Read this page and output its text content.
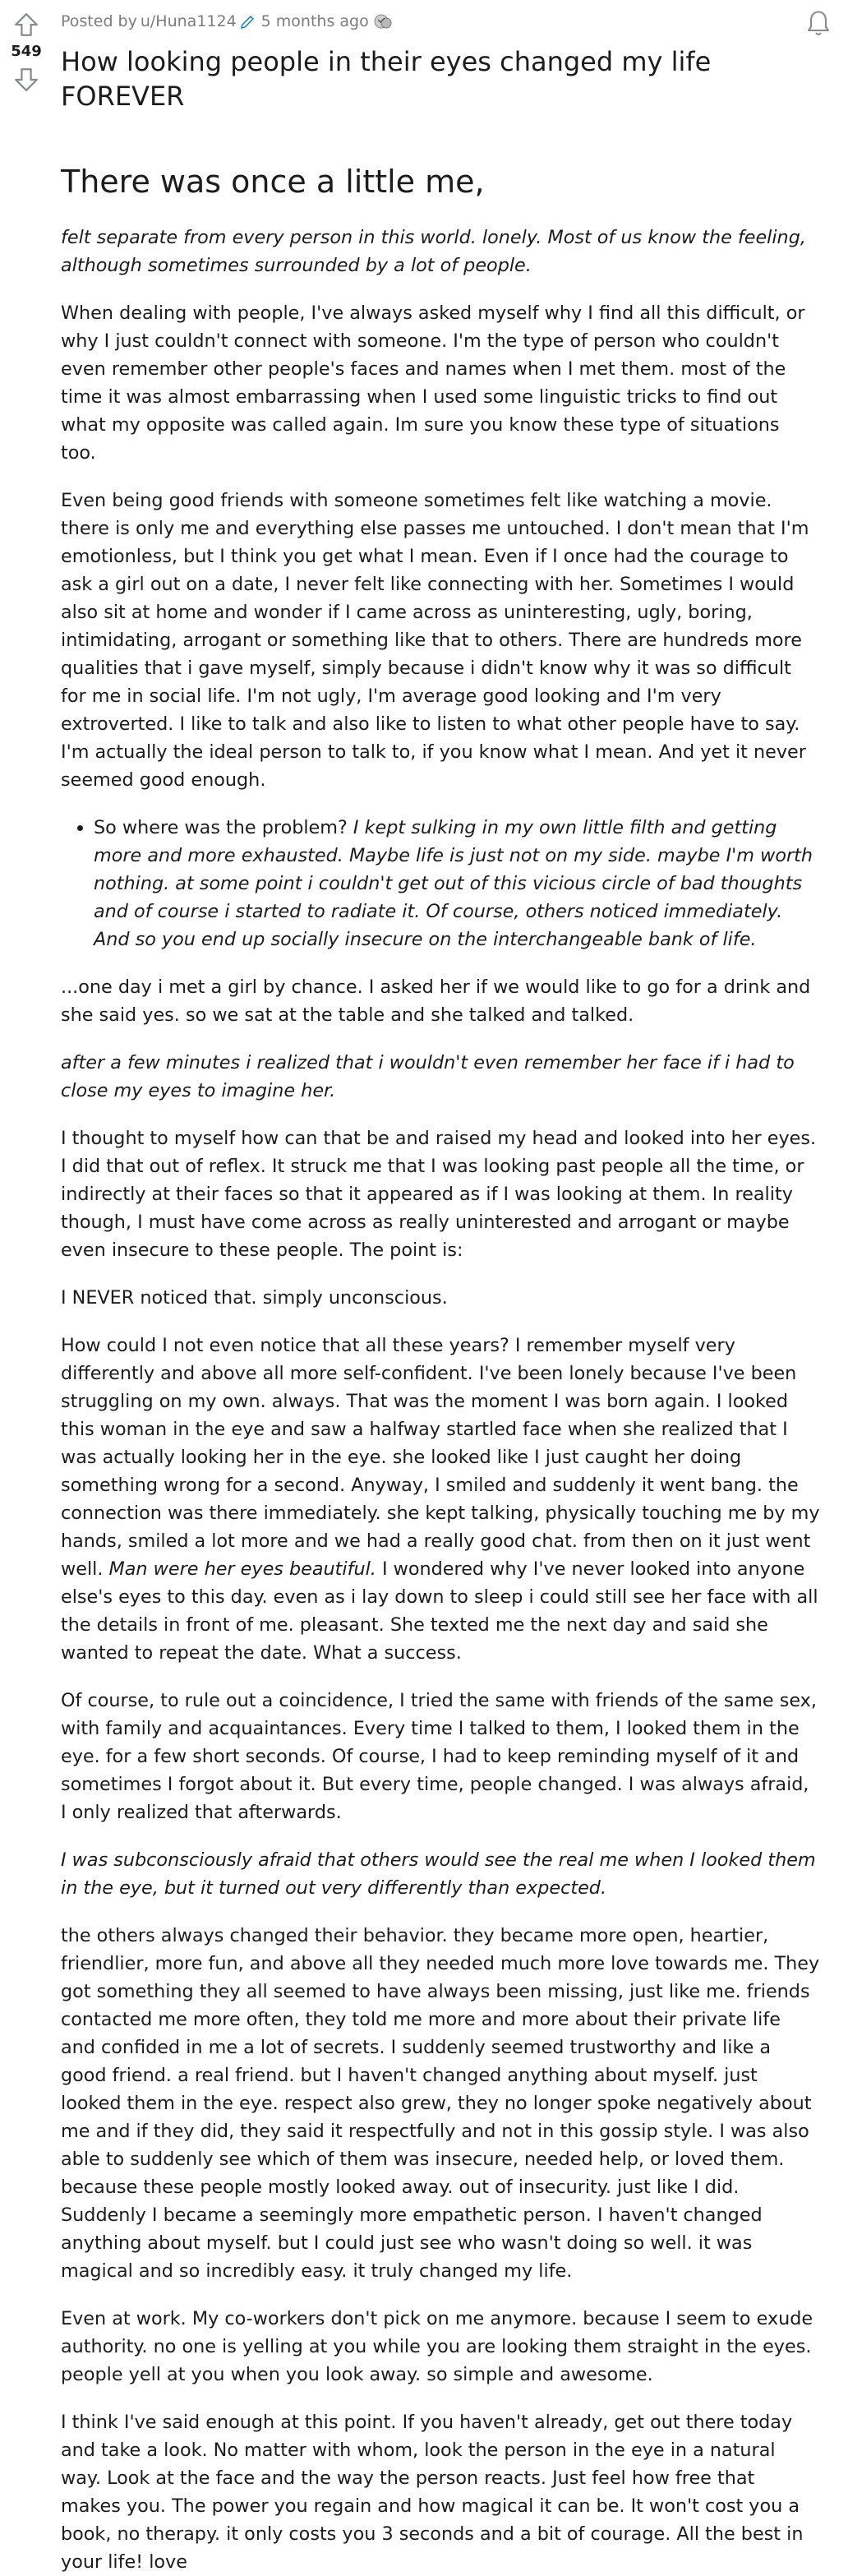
549
Posted by u/Huna1124 5 months ago
How looking people in their eyes changed my life FOREVER
There was once a little me,

felt separate from every person in this world. lonely. Most of us know the feeling, although sometimes surrounded by a lot of people.

When dealing with people, I've always asked myself why I find all this difficult, or why I just couldn't connect with someone. I'm the type of person who couldn't even remember other people's faces and names when I met them. most of the time it was almost embarrassing when I used some linguistic tricks to find out what my opposite was called again. Im sure you know these type of situations too.

Even being good friends with someone sometimes felt like watching a movie. there is only me and everything else passes me untouched. I don't mean that I'm emotionless, but I think you get what I mean. Even if I once had the courage to ask a girl out on a date, I never felt like connecting with her. Sometimes I would also sit at home and wonder if I came across as uninteresting, ugly, boring, intimidating, arrogant or something like that to others. There are hundreds more qualities that i gave myself, simply because i didn't know why it was so difficult for me in social life. I'm not ugly, I'm average good looking and I'm very extroverted. I like to talk and also like to listen to what other people have to say. I'm actually the ideal person to talk to, if you know what I mean. And yet it never seemed good enough.

• So where was the problem? I kept sulking in my own little filth and getting more and more exhausted. Maybe life is just not on my side. maybe I'm worth nothing. at some point i couldn't get out of this vicious circle of bad thoughts and of course i started to radiate it. Of course, others noticed immediately. And so you end up socially insecure on the interchangeable bank of life.

...one day i met a girl by chance. I asked her if we would like to go for a drink and she said yes. so we sat at the table and she talked and talked.

after a few minutes i realized that i wouldn't even remember her face if i had to close my eyes to imagine her.

I thought to myself how can that be and raised my head and looked into her eyes. I did that out of reflex. It struck me that I was looking past people all the time, or indirectly at their faces so that it appeared as if I was looking at them. In reality though, I must have come across as really uninterested and arrogant or maybe even insecure to these people. The point is:

I NEVER noticed that. simply unconscious.

How could I not even notice that all these years? I remember myself very differently and above all more self-confident. I've been lonely because I've been struggling on my own. always. That was the moment I was born again. I looked this woman in the eye and saw a halfway startled face when she realized that I was actually looking her in the eye. she looked like I just caught her doing something wrong for a second. Anyway, I smiled and suddenly it went bang. the connection was there immediately. she kept talking, physically touching me by my hands, smiled a lot more and we had a really good chat. from then on it just went well. Man were her eyes beautiful. I wondered why I've never looked into anyone else's eyes to this day. even as i lay down to sleep i could still see her face with all the details in front of me. pleasant. She texted me the next day and said she wanted to repeat the date. What a success.

Of course, to rule out a coincidence, I tried the same with friends of the same sex, with family and acquaintances. Every time I talked to them, I looked them in the eye. for a few short seconds. Of course, I had to keep reminding myself of it and sometimes I forgot about it. But every time, people changed. I was always afraid, I only realized that afterwards.

I was subconsciously afraid that others would see the real me when I looked them in the eye, but it turned out very differently than expected.

the others always changed their behavior. they became more open, heartier, friendlier, more fun, and above all they needed much more love towards me. They got something they all seemed to have always been missing, just like me. friends contacted me more often, they told me more and more about their private life and confided in me a lot of secrets. I suddenly seemed trustworthy and like a good friend. a real friend. but I haven't changed anything about myself. just looked them in the eye. respect also grew, they no longer spoke negatively about me and if they did, they said it respectfully and not in this gossip style. I was also able to suddenly see which of them was insecure, needed help, or loved them. because these people mostly looked away. out of insecurity. just like I did. Suddenly I became a seemingly more empathetic person. I haven't changed anything about myself. but I could just see who wasn't doing so well. it was magical and so incredibly easy. it truly changed my life.

Even at work. My co-workers don't pick on me anymore. because I seem to exude authority. no one is yelling at you while you are looking them straight in the eyes. people yell at you when you look away. so simple and awesome.

I think I've said enough at this point. If you haven't already, get out there today and take a look. No matter with whom, look the person in the eye in a natural way. Look at the face and the way the person reacts. Just feel how free that makes you. The power you regain and how magical it can be. It won't cost you a book, no therapy. it only costs you 3 seconds and a bit of courage. All the best in your life! love
